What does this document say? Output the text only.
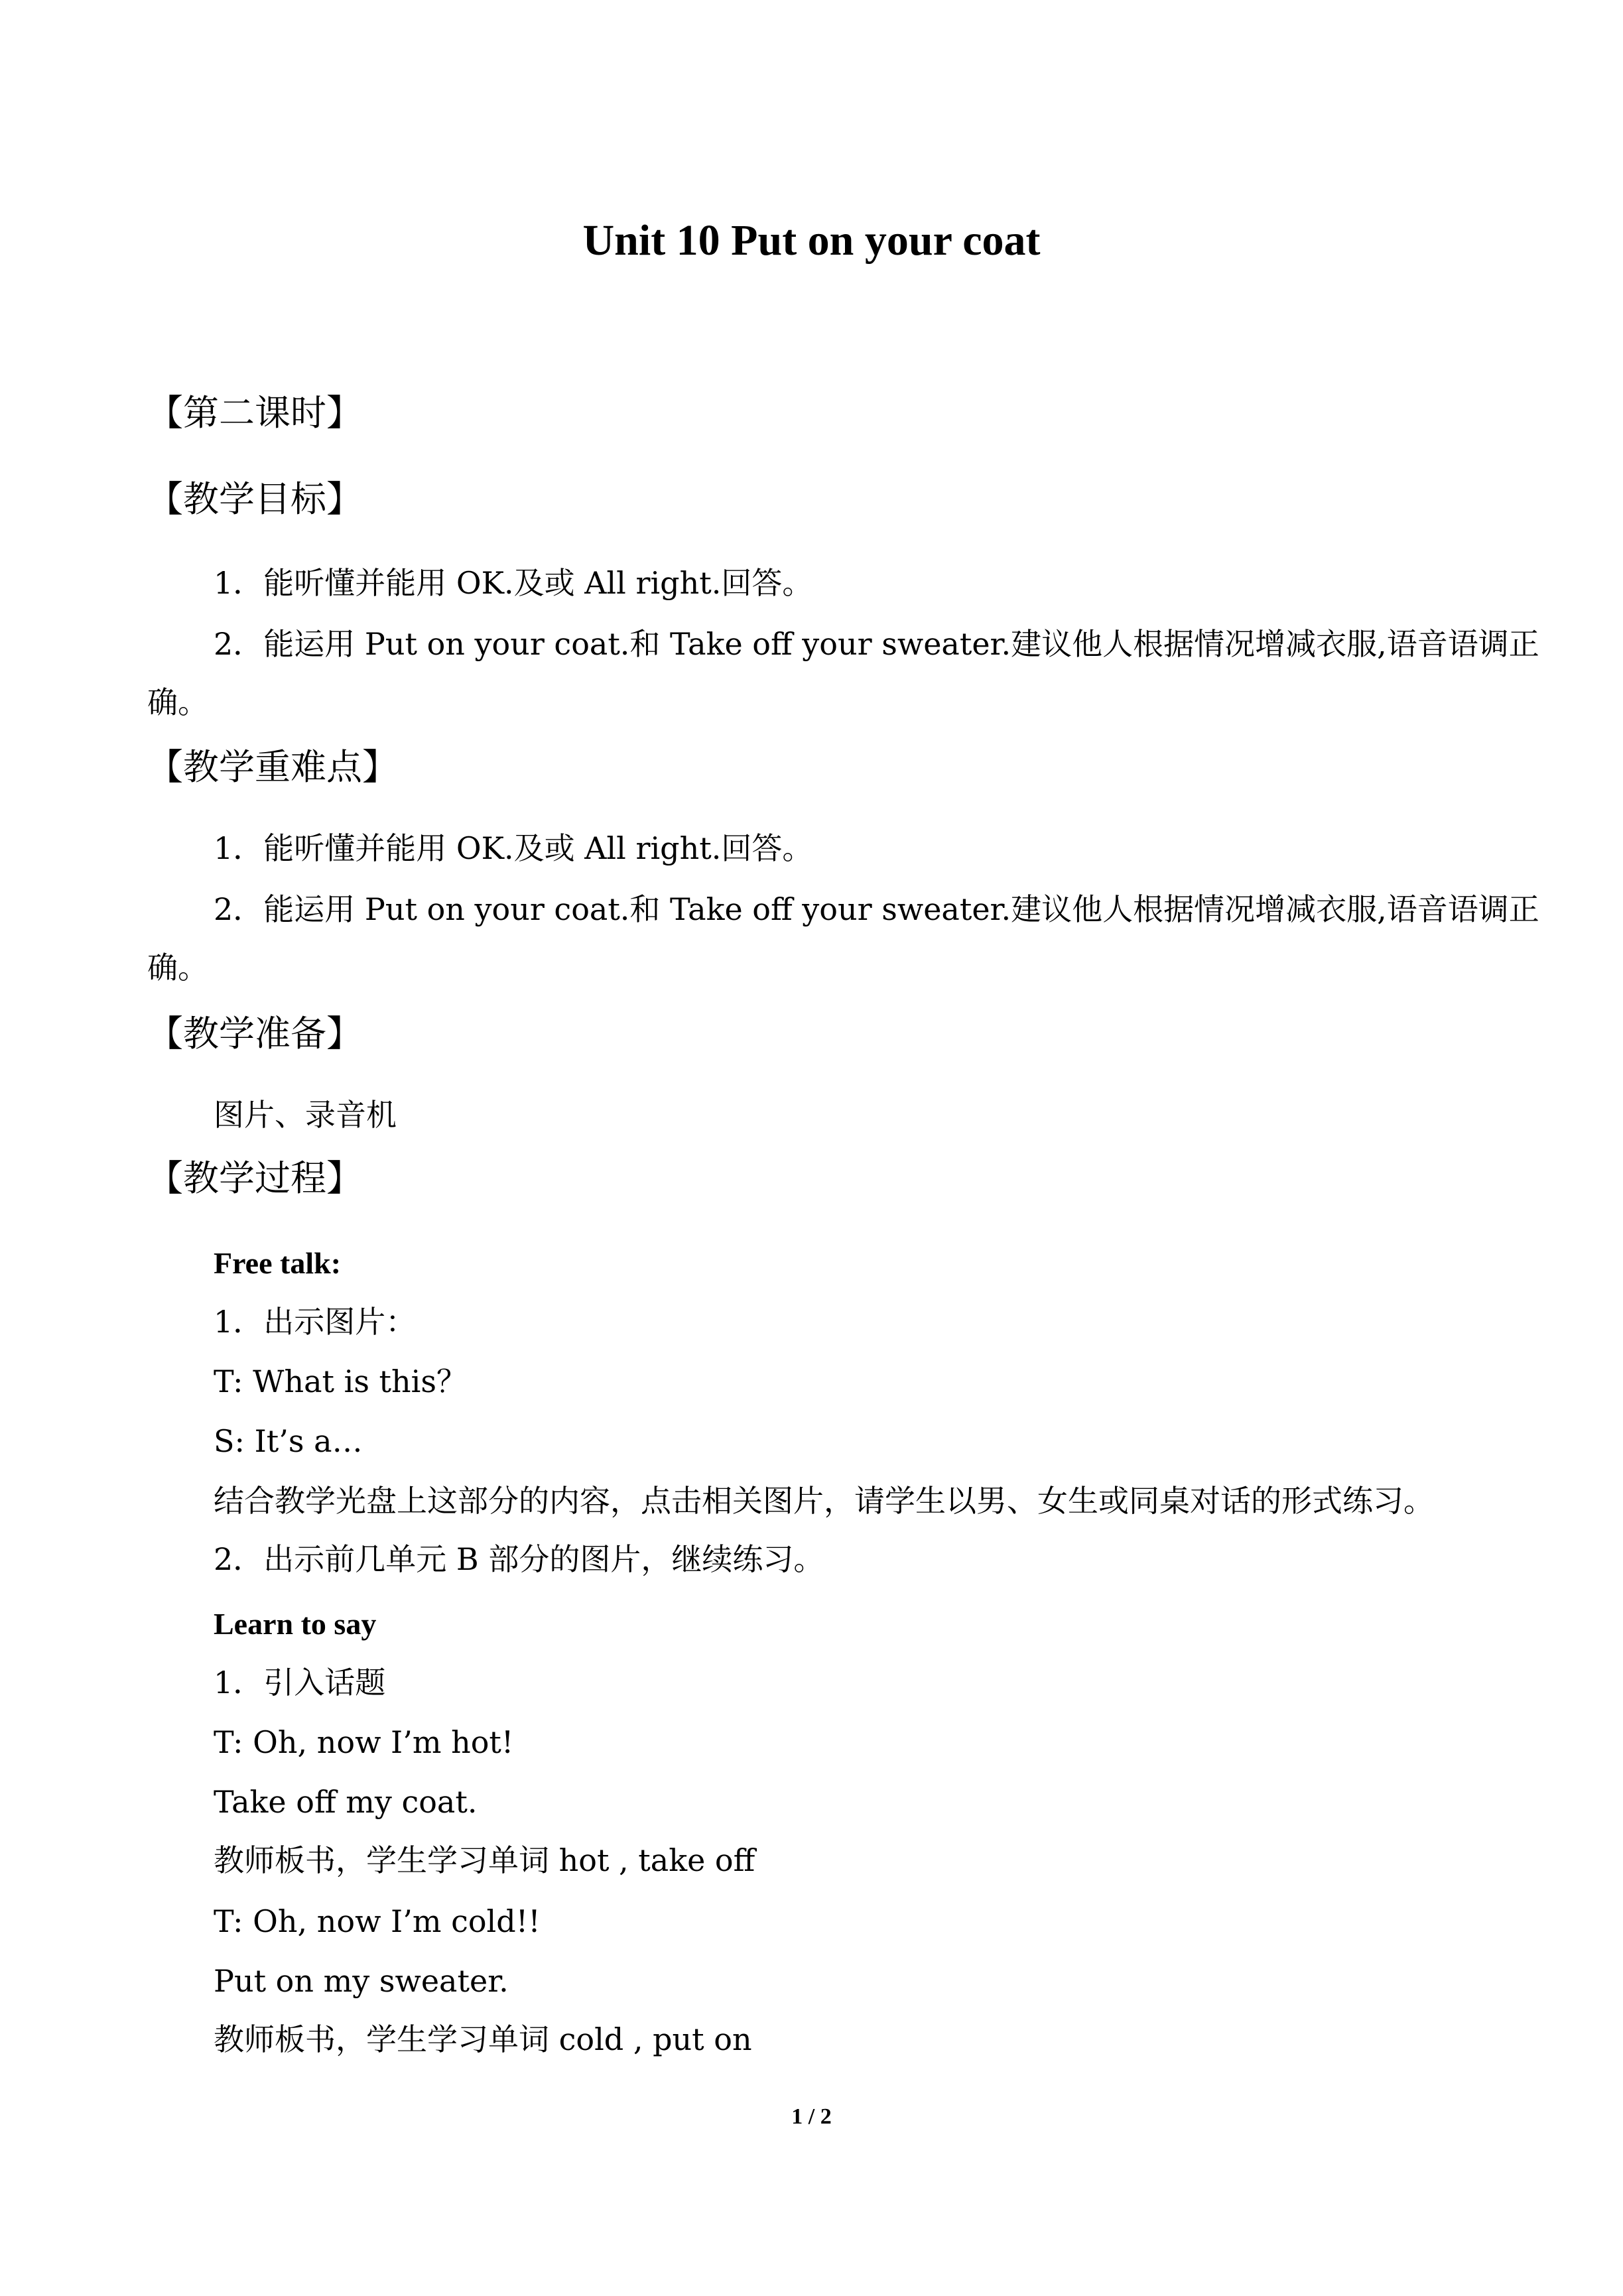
Unit 10 Put on your coat
【第二课时】
【教学目标】
1．能听懂并能用 OK.及或 All right.回答。
2．能运用 Put on your coat.和 Take off your sweater.建议他人根据情况增减衣服,语音语调正
确。
【教学重难点】
1．能听懂并能用 OK.及或 All right.回答。
2．能运用 Put on your coat.和 Take off your sweater.建议他人根据情况增减衣服,语音语调正
确。
【教学准备】
图片、录音机
【教学过程】
Free talk:
1．出示图片：
T: What is this？
S: It’s a…
结合教学光盘上这部分的内容，点击相关图片，请学生以男、女生或同桌对话的形式练习。
2．出示前几单元 B 部分的图片，继续练习。
Learn to say
1．引入话题
T: Oh, now I’m hot!
Take off my coat.
教师板书，学生学习单词 hot , take off
T: Oh, now I’m cold!!
Put on my sweater.
教师板书，学生学习单词 cold , put on
1 / 2
